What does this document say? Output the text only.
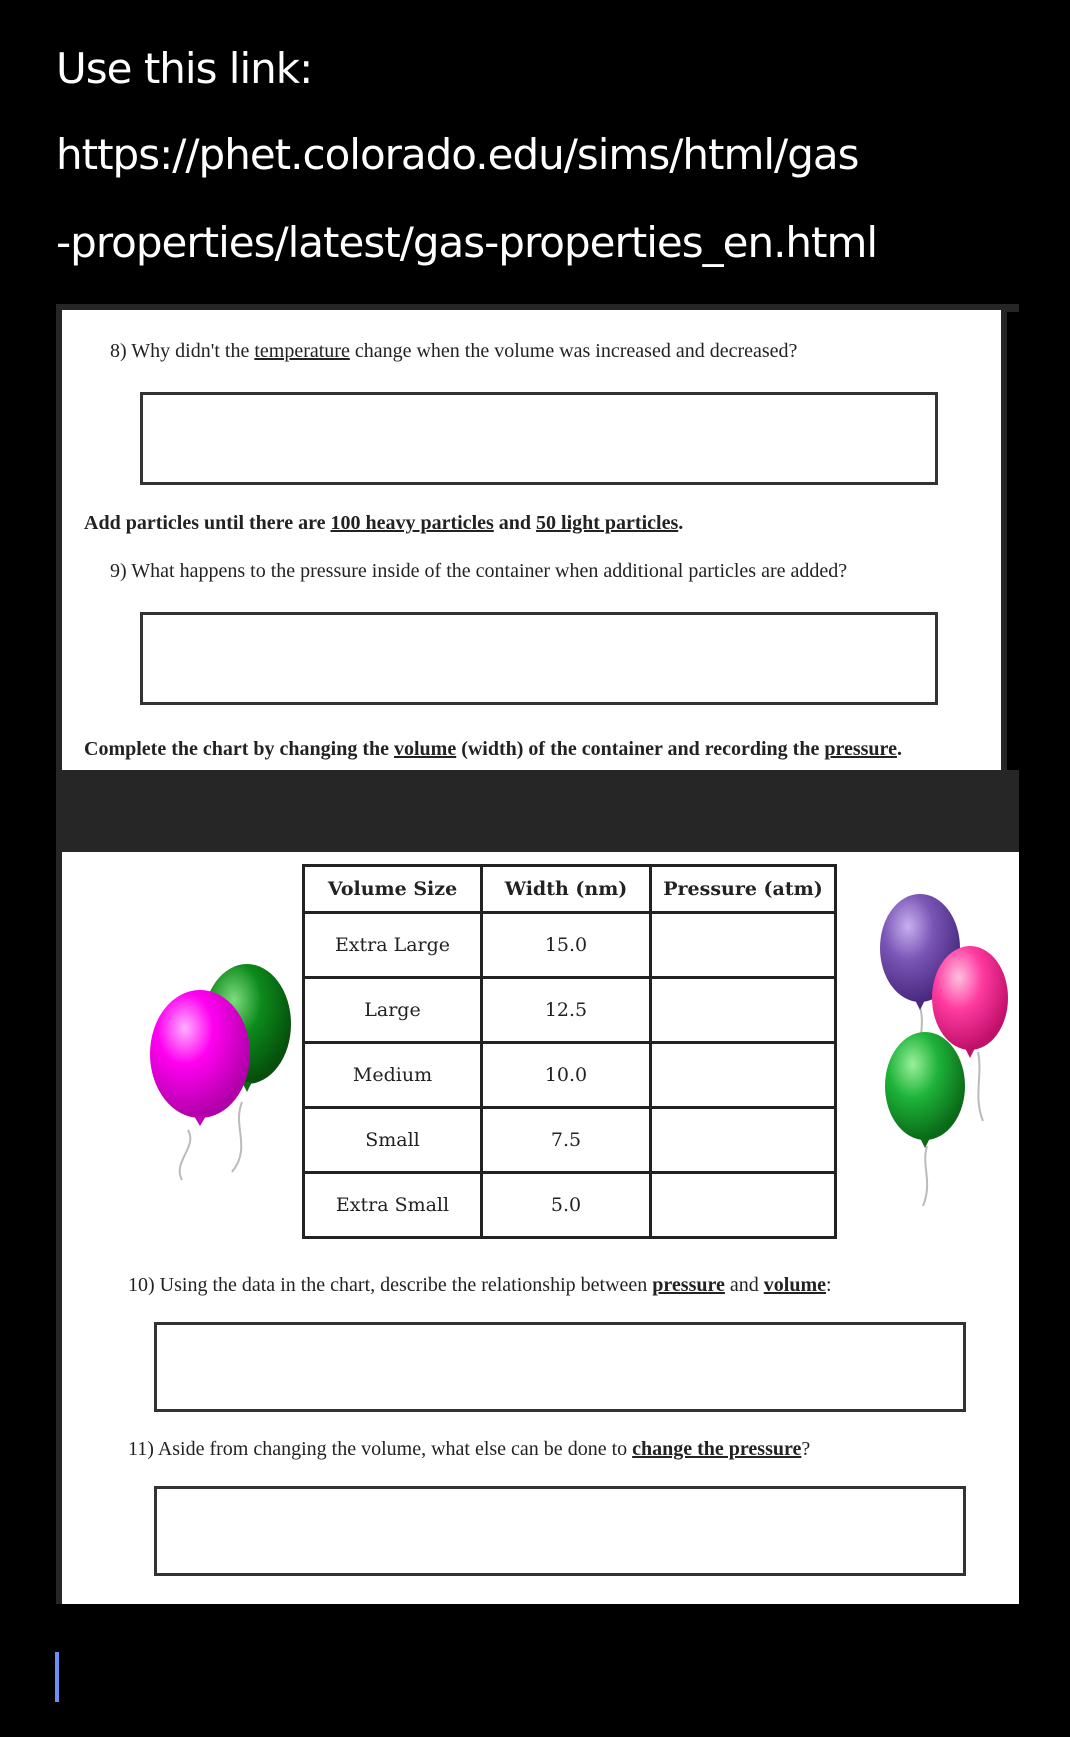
Use this link:

https://phet.colorado.edu/sims/html/gas

-properties/latest/gas-properties_en.html

8) Why didn't the temperature change when the volume was increased and decreased?
Add particles until there are 100 heavy particles and 50 light particles.
9) What happens to the pressure inside of the container when additional particles are added?
Complete the chart by changing the volume (width) of the container and recording the pressure.
Volume Size	Width (nm)	Pressure (atm)
Extra Large	15.0	
Large	12.5	
Medium	10.0	
Small	7.5	
Extra Small	5.0	
10) Using the data in the chart, describe the relationship between pressure and volume:
11) Aside from changing the volume, what else can be done to change the pressure?
